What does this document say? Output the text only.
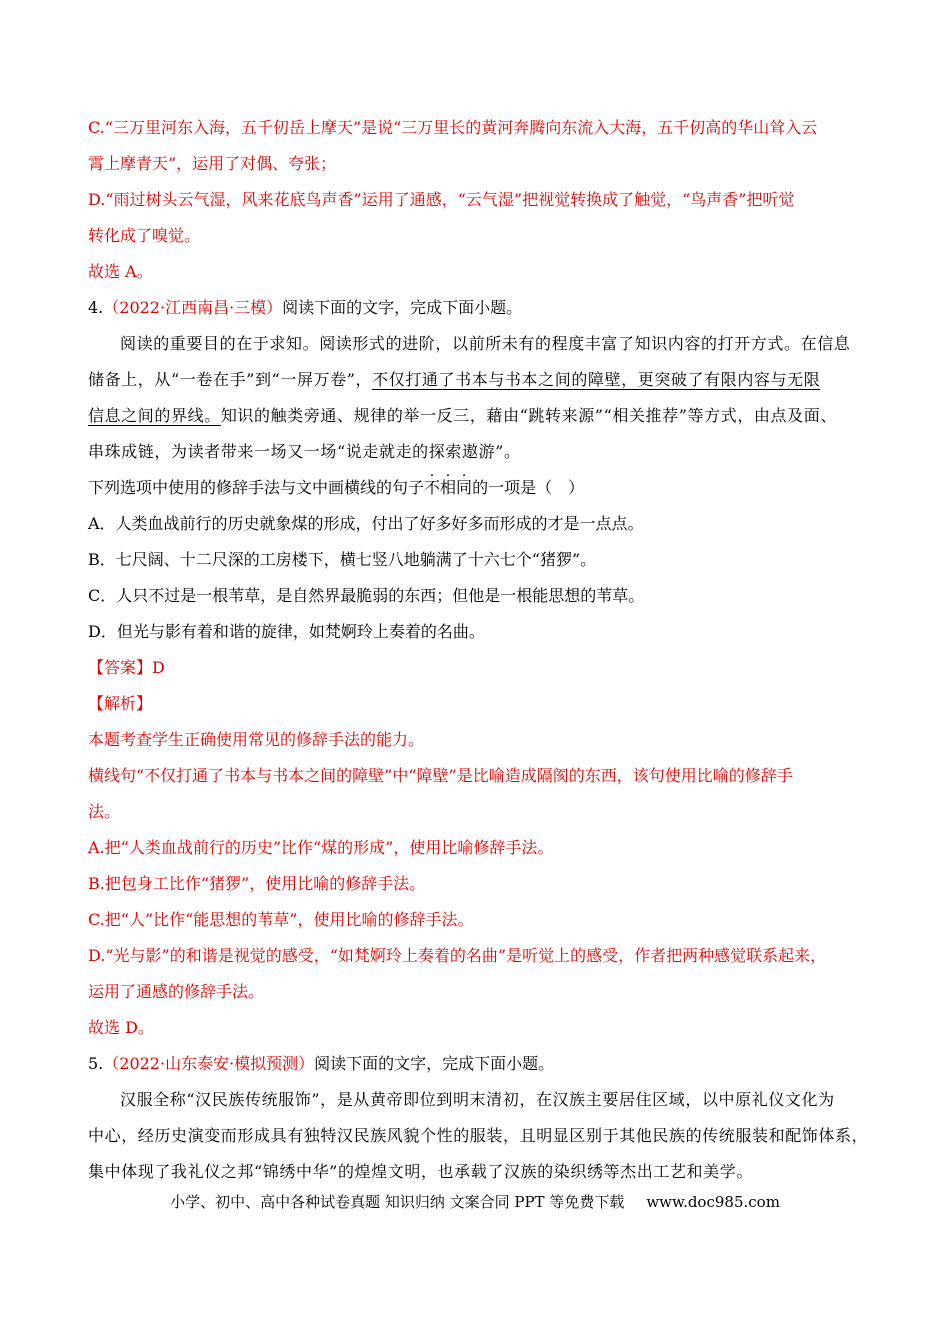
C.“三万里河东入海，五千仞岳上摩天”是说“三万里长的黄河奔腾向东流入大海，五千仞高的华山耸入云
霄上摩青天”，运用了对偶、夸张；
D.“雨过树头云气湿，风来花底鸟声香”运用了通感，“云气湿”把视觉转换成了触觉，“鸟声香”把听觉
转化成了嗅觉。
故选 A。
4.（2022·江西南昌·三模）阅读下面的文字，完成下面小题。
阅读的重要目的在于求知。阅读形式的进阶，以前所未有的程度丰富了知识内容的打开方式。在信息
储备上，从“一卷在手”到“一屏万卷”，不仅打通了书本与书本之间的障壁，更突破了有限内容与无限
信息之间的界线。知识的触类旁通、规律的举一反三，藉由“跳转来源”“相关推荐”等方式，由点及面、
串珠成链，为读者带来一场又一场“说走就走的探索遨游”。
下列选项中使用的修辞手法与文中画横线的句子不相同的一项是（　）
A．人类血战前行的历史就象煤的形成，付出了好多好多而形成的才是一点点。
B．七尺阔、十二尺深的工房楼下，横七竖八地躺满了十六七个“猪猡”。
C．人只不过是一根苇草，是自然界最脆弱的东西；但他是一根能思想的苇草。
D．但光与影有着和谐的旋律，如梵婀玲上奏着的名曲。
【答案】D
【解析】
本题考查学生正确使用常见的修辞手法的能力。
横线句“不仅打通了书本与书本之间的障壁”中“障壁”是比喻造成隔阂的东西，该句使用比喻的修辞手
法。
A.把“人类血战前行的历史”比作“煤的形成”，使用比喻修辞手法。
B.把包身工比作“猪猡”，使用比喻的修辞手法。
C.把“人”比作“能思想的苇草”，使用比喻的修辞手法。
D.“光与影”的和谐是视觉的感受，“如梵婀玲上奏着的名曲”是听觉上的感受，作者把两种感觉联系起来，
运用了通感的修辞手法。
故选 D。
5.（2022·山东泰安·模拟预测）阅读下面的文字，完成下面小题。
汉服全称“汉民族传统服饰”，是从黄帝即位到明末清初，在汉族主要居住区域，以中原礼仪文化为
中心，经历史演变而形成具有独特汉民族风貌个性的服装，且明显区别于其他民族的传统服装和配饰体系，
集中体现了我礼仪之邦“锦绣中华”的煌煌文明，也承载了汉族的染织绣等杰出工艺和美学。
小学、初中、高中各种试卷真题 知识归纳 文案合同 PPT 等免费下载 www.doc985.com
